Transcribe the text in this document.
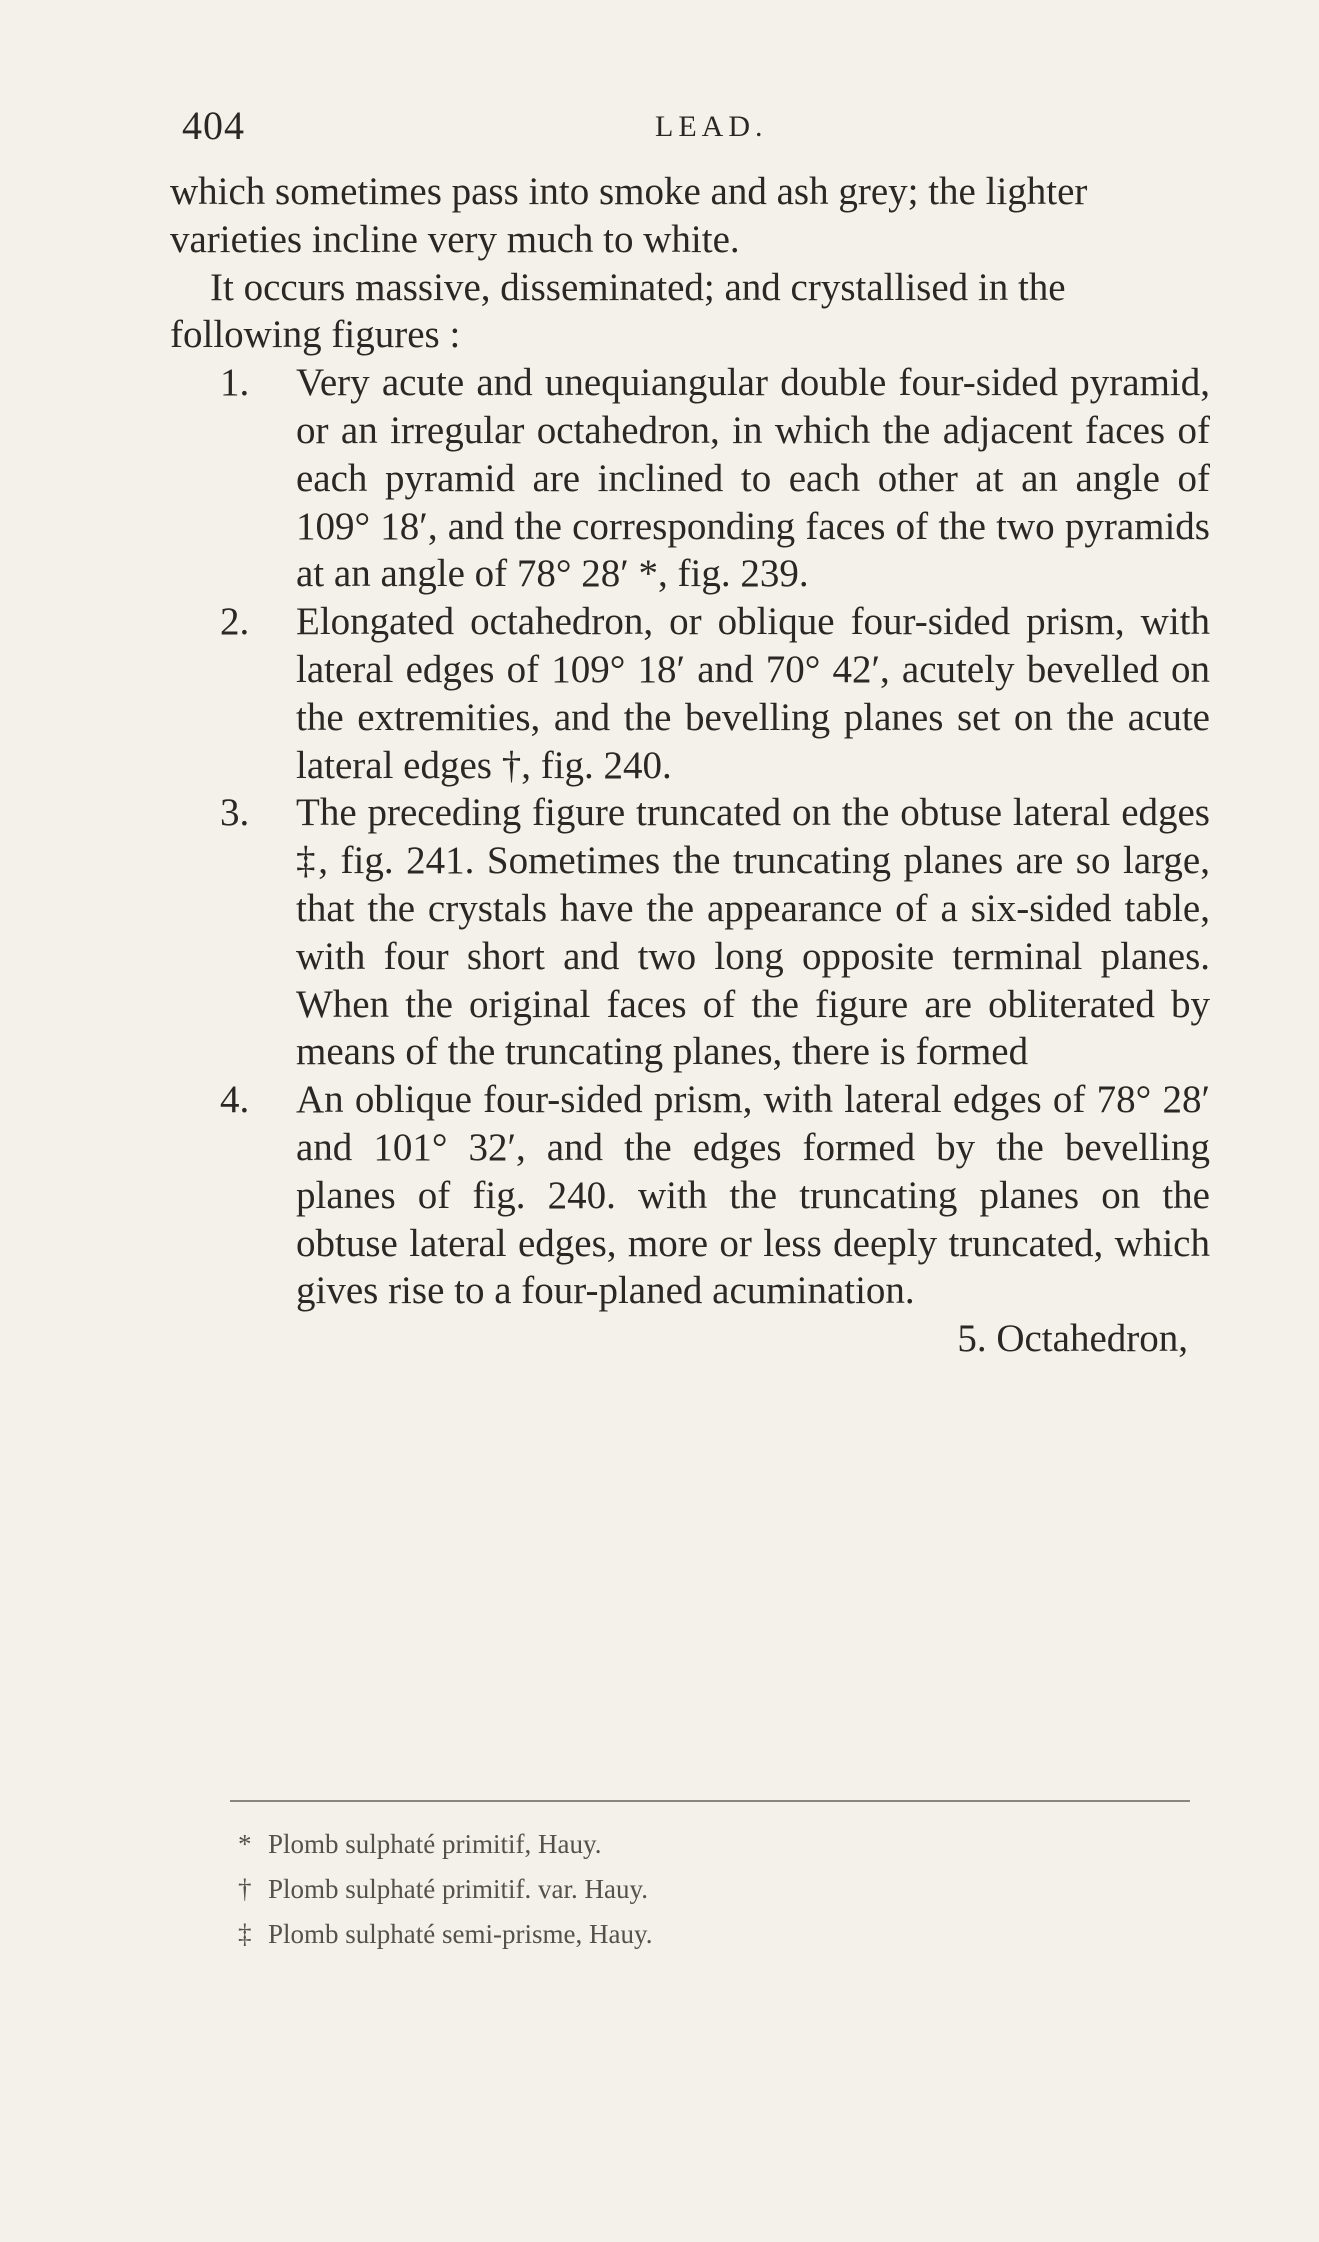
404	LEAD.

which sometimes pass into smoke and ash grey; the lighter varieties incline very much to white.

It occurs massive, disseminated; and crystallised in the following figures :

1. Very acute and unequiangular double four-sided pyramid, or an irregular octahedron, in which the adjacent faces of each pyramid are inclined to each other at an angle of 109° 18′, and the corresponding faces of the two pyramids at an angle of 78° 28′ *, fig. 239.
2. Elongated octahedron, or oblique four-sided prism, with lateral edges of 109° 18′ and 70° 42′, acutely bevelled on the extremities, and the bevelling planes set on the acute lateral edges †, fig. 240.
3. The preceding figure truncated on the obtuse lateral edges ‡, fig. 241. Sometimes the truncating planes are so large, that the crystals have the appearance of a six-sided table, with four short and two long opposite terminal planes. When the original faces of the figure are obliterated by means of the truncating planes, there is formed
4. An oblique four-sided prism, with lateral edges of 78° 28′ and 101° 32′, and the edges formed by the bevelling planes of fig. 240. with the truncating planes on the obtuse lateral edges, more or less deeply truncated, which gives rise to a four-planed acumination.
5. Octahedron,

* Plomb sulphaté primitif, Hauy.

† Plomb sulphaté primitif. var. Hauy.

‡ Plomb sulphaté semi-prisme, Hauy.
